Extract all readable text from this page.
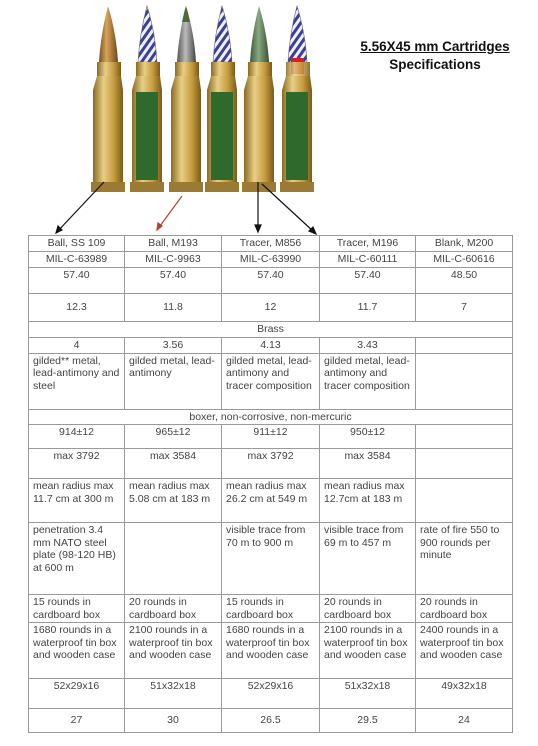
5.56X45 mm Cartridges
Specifications
Ball, SS 109	Ball, M193	Tracer, M856	Tracer, M196	Blank, M200
MIL-C-63989	MIL-C-9963	MIL-C-63990	MIL-C-60111	MIL-C-60616
57.40	57.40	57.40	57.40	48.50
12.3	11.8	12	11.7	7
Brass				
4	3.56	4.13	3.43	
gilded** metal, lead-antimony and steel	gilded metal, lead-antimony	gilded metal, lead-antimony and tracer composition	gilded metal, lead-antimony and tracer composition	
boxer, non-corrosive, non-mercuric				
914±12	965±12	911±12	950±12	
max 3792	max 3584	max 3792	max 3584	
mean radius max 11.7 cm at 300 m	mean radius max 5.08 cm at 183 m	mean radius max 26.2 cm at 549 m	mean radius max 12.7cm at 183 m	
penetration 3.4 mm NATO steel plate (98-120 HB) at 600 m		visible trace from 70 m to 900 m	visible trace from 69 m to 457 m	rate of fire 550 to 900 rounds per minute
15 rounds in cardboard box	20 rounds in cardboard box	15 rounds in cardboard box	20 rounds in cardboard box	20 rounds in cardboard box
1680 rounds in a waterproof tin box and wooden case	2100 rounds in a waterproof tin box and wooden case	1680 rounds in a waterproof tin box and wooden case	2100 rounds in a waterproof tin box and wooden case	2400 rounds in a waterproof tin box and wooden case
52x29x16	51x32x18	52x29x16	51x32x18	49x32x18
27	30	26.5	29.5	24
